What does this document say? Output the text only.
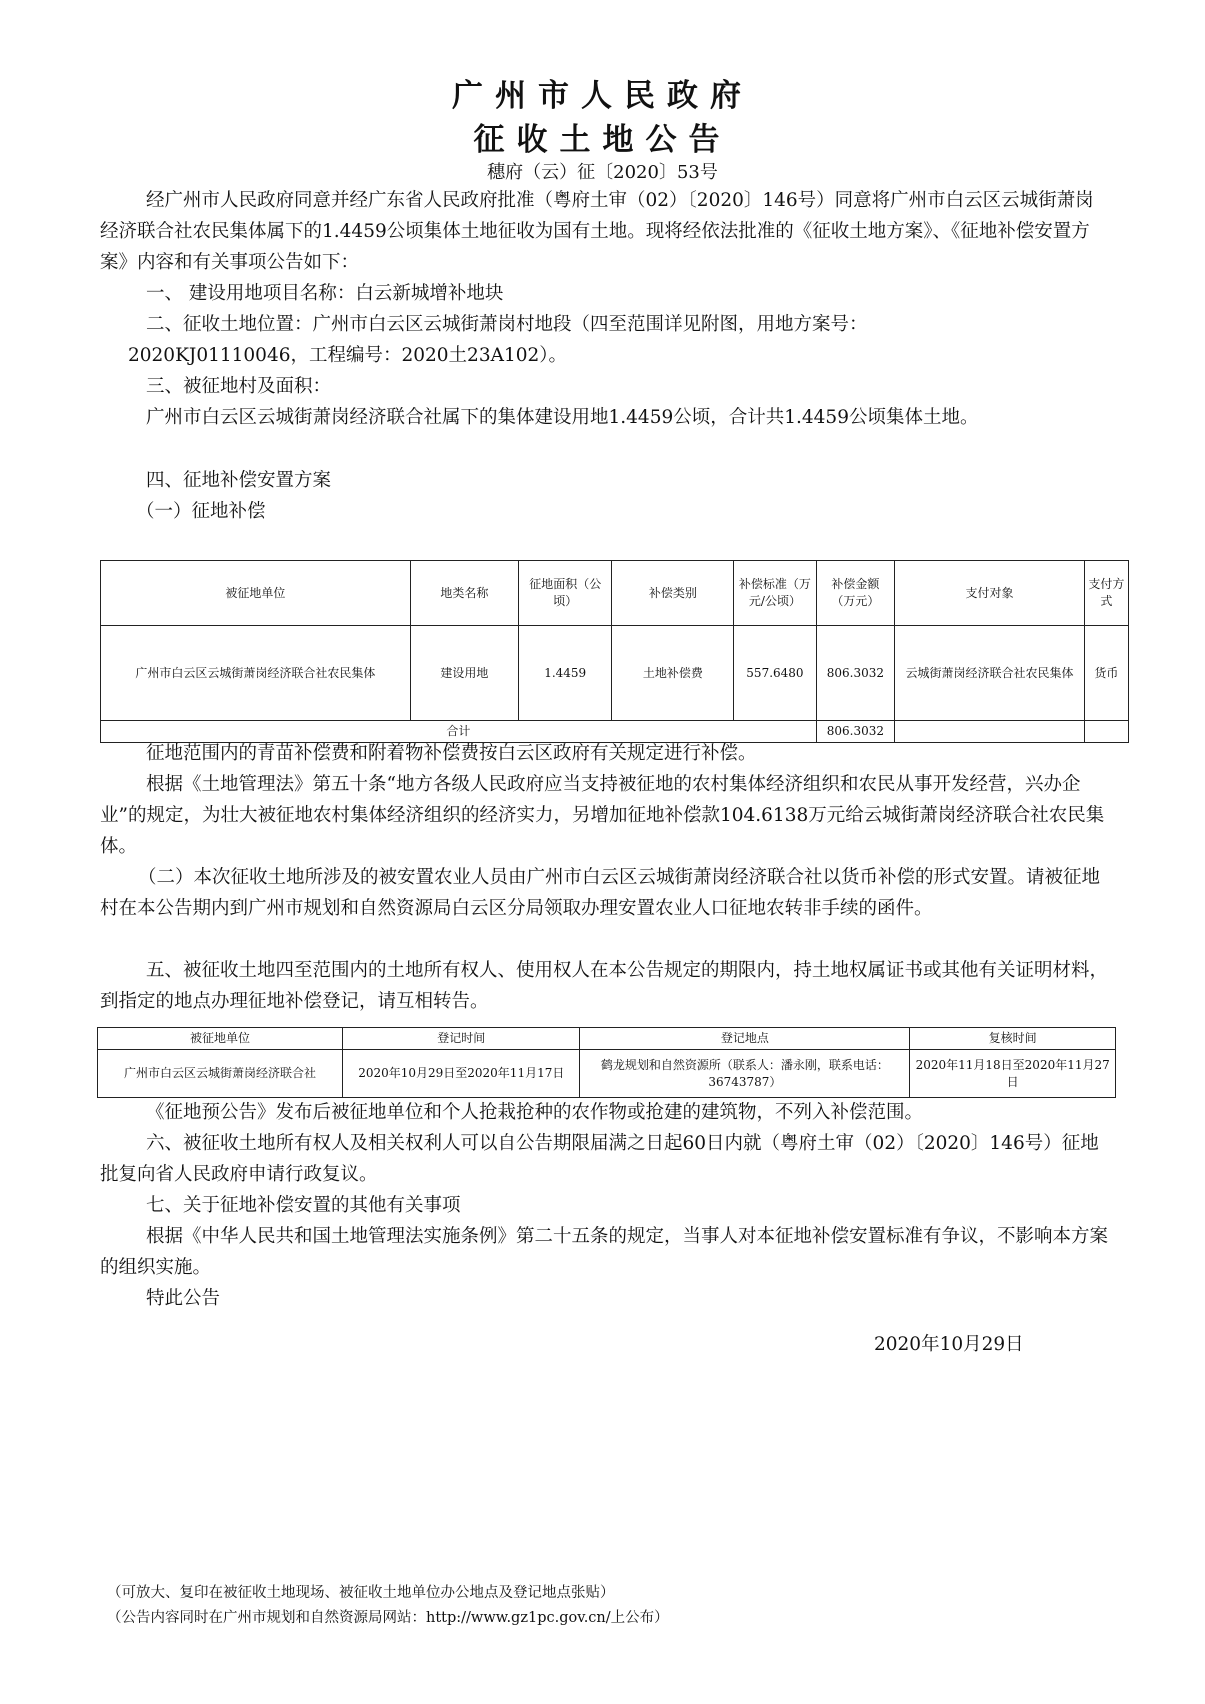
广州市人民政府
征收土地公告
穗府（云）征〔2020〕53号

经广州市人民政府同意并经广东省人民政府批准（粤府土审（02）〔2020〕146号）同意将广州市白云区云城街萧岗经济联合社农民集体属下的1.4459公顷集体土地征收为国有土地。现将经依法批准的《征收土地方案》、《征地补偿安置方案》内容和有关事项公告如下：

一、 建设用地项目名称：白云新城增补地块

二、征收土地位置：广州市白云区云城街萧岗村地段（四至范围详见附图，用地方案号：

2020KJ01110046，工程编号：2020土23A102）。

三、被征地村及面积：

广州市白云区云城街萧岗经济联合社属下的集体建设用地1.4459公顷，合计共1.4459公顷集体土地。

四、征地补偿安置方案

（一）征地补偿

被征地单位	地类名称	征地面积（公顷）	补偿类别	补偿标准（万元/公顷）	补偿金额（万元）	支付对象	支付方式
广州市白云区云城街萧岗经济联合社农民集体	建设用地	1.4459	土地补偿费	557.6480	806.3032	云城街萧岗经济联合社农民集体	货币
合计					806.3032		

征地范围内的青苗补偿费和附着物补偿费按白云区政府有关规定进行补偿。

根据《土地管理法》第五十条“地方各级人民政府应当支持被征地的农村集体经济组织和农民从事开发经营，兴办企业”的规定，为壮大被征地农村集体经济组织的经济实力，另增加征地补偿款104.6138万元给云城街萧岗经济联合社农民集体。

（二）本次征收土地所涉及的被安置农业人员由广州市白云区云城街萧岗经济联合社以货币补偿的形式安置。请被征地村在本公告期内到广州市规划和自然资源局白云区分局领取办理安置农业人口征地农转非手续的函件。

五、被征收土地四至范围内的土地所有权人、使用权人在本公告规定的期限内，持土地权属证书或其他有关证明材料，到指定的地点办理征地补偿登记，请互相转告。

被征地单位	登记时间	登记地点	复核时间
广州市白云区云城街萧岗经济联合社	2020年10月29日至2020年11月17日	鹤龙规划和自然资源所（联系人：潘永刚，联系电话：36743787）	2020年11月18日至2020年11月27日

《征地预公告》发布后被征地单位和个人抢栽抢种的农作物或抢建的建筑物，不列入补偿范围。

六、被征收土地所有权人及相关权利人可以自公告期限届满之日起60日内就（粤府土审（02）〔2020〕146号）征地批复向省人民政府申请行政复议。

七、关于征地补偿安置的其他有关事项

根据《中华人民共和国土地管理法实施条例》第二十五条的规定，当事人对本征地补偿安置标准有争议，不影响本方案的组织实施。

特此公告

2020年10月29日
（可放大、复印在被征收土地现场、被征收土地单位办公地点及登记地点张贴）
（公告内容同时在广州市规划和自然资源局网站：http://www.gz1pc.gov.cn/上公布）
